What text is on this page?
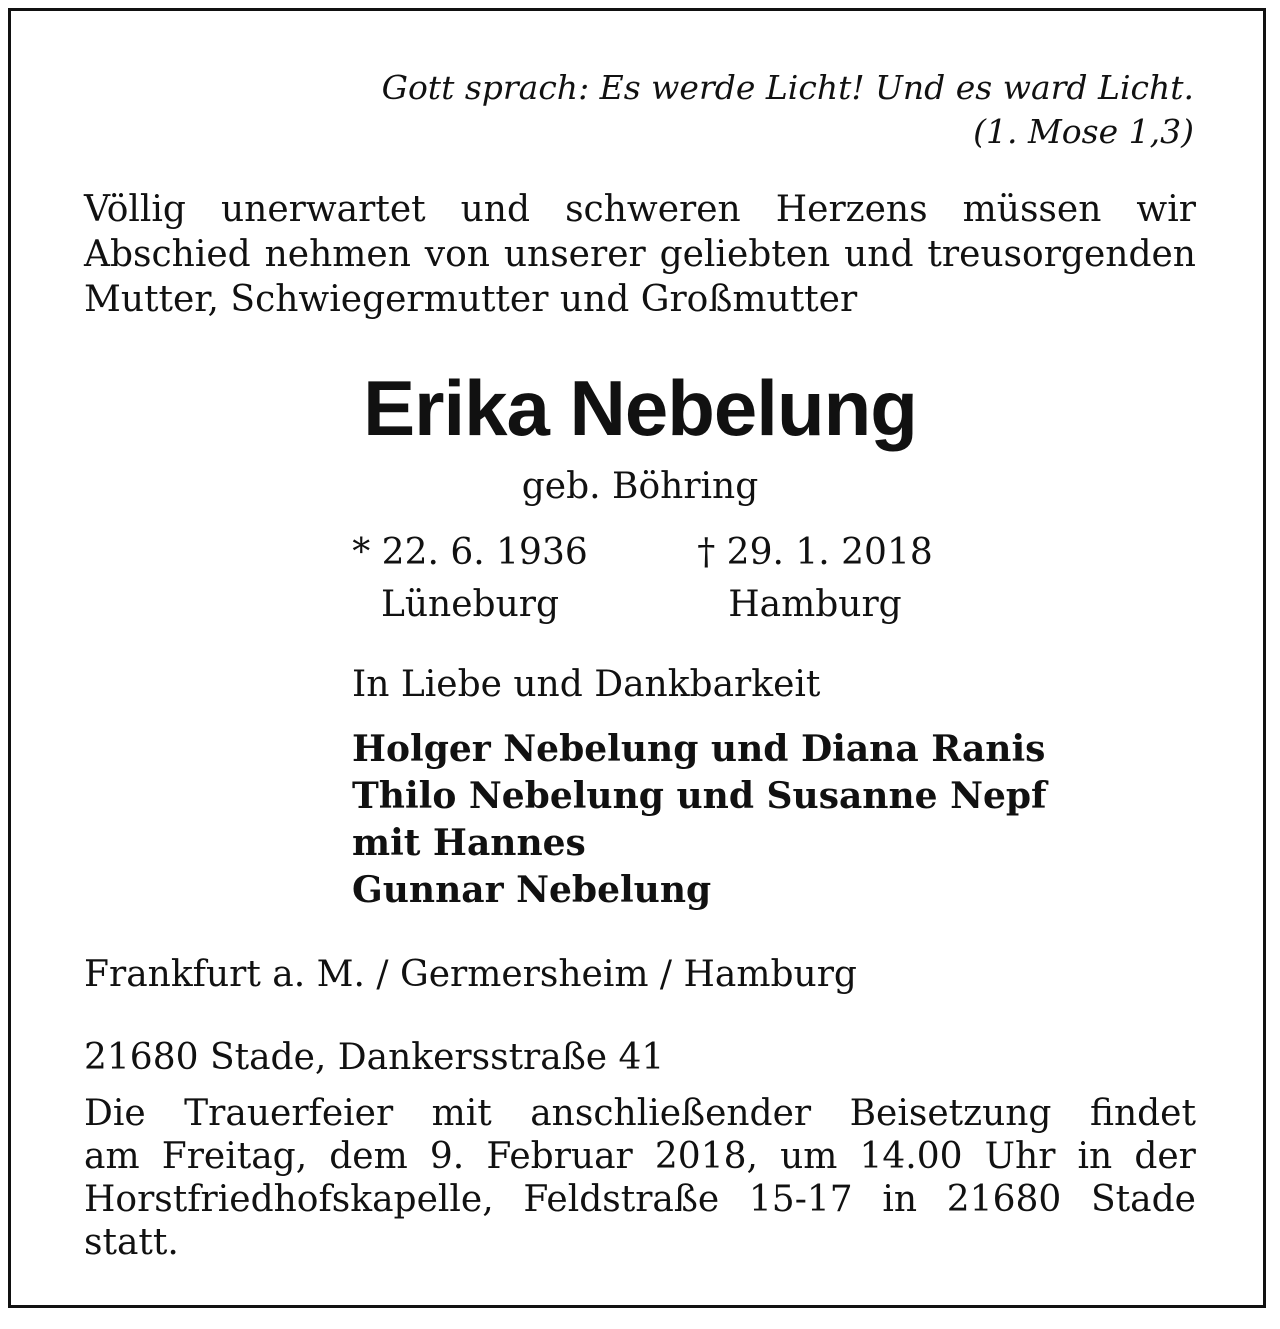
Gott sprach: Es werde Licht! Und es ward Licht.
(1. Mose 1,3)
Völlig unerwartet und schweren Herzens müssen wir
Abschied nehmen von unserer geliebten und treusorgenden
Mutter, Schwiegermutter und Großmutter
Erika Nebelung
geb. Böhring
* 22. 6. 1936
Lüneburg
† 29. 1. 2018
Hamburg
In Liebe und Dankbarkeit
Holger Nebelung und Diana Ranis
Thilo Nebelung und Susanne Nepf
mit Hannes
Gunnar Nebelung
Frankfurt a. M. / Germersheim / Hamburg
21680 Stade, Dankersstraße 41
Die Trauerfeier mit anschließender Beisetzung findet
am Freitag, dem 9. Februar 2018, um 14.00 Uhr in der
Horstfriedhofskapelle, Feldstraße 15-17 in 21680 Stade
statt.
